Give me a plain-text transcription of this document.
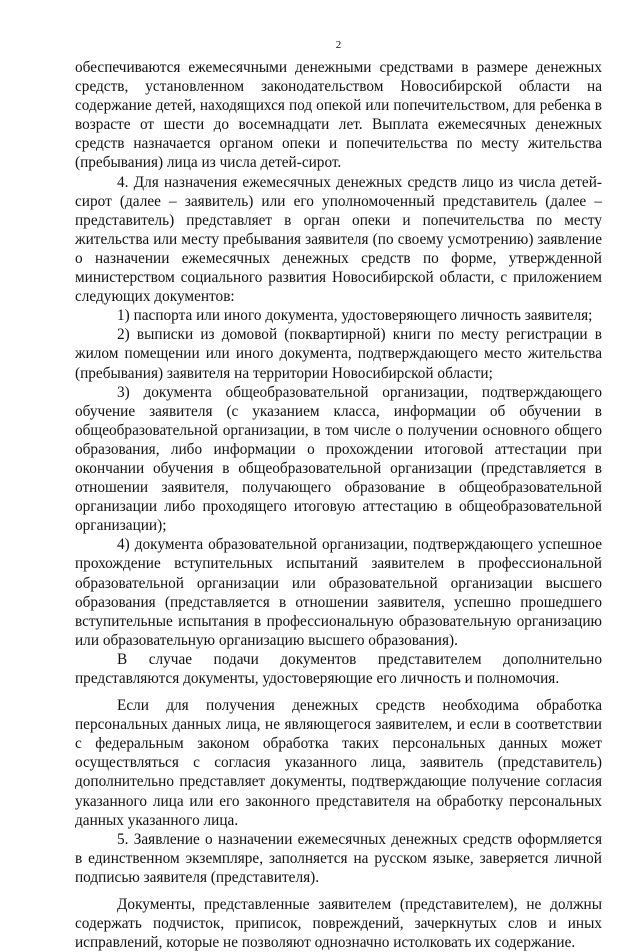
2

обеспечиваются ежемесячными денежными средствами в размере денежных средств, установленном законодательством Новосибирской области на содержание детей, находящихся под опекой или попечительством, для ребенка в возрасте от шести до восемнадцати лет. Выплата ежемесячных денежных средств назначается органом опеки и попечительства по месту жительства (пребывания) лица из числа детей-сирот.

4. Для назначения ежемесячных денежных средств лицо из числа детей-сирот (далее – заявитель) или его уполномоченный представитель (далее – представитель) представляет в орган опеки и попечительства по месту жительства или месту пребывания заявителя (по своему усмотрению) заявление о назначении ежемесячных денежных средств по форме, утвержденной министерством социального развития Новосибирской области, с приложением следующих документов:

1) паспорта или иного документа, удостоверяющего личность заявителя;

2) выписки из домовой (поквартирной) книги по месту регистрации в жилом помещении или иного документа, подтверждающего место жительства (пребывания) заявителя на территории Новосибирской области;

3) документа общеобразовательной организации, подтверждающего обучение заявителя (с указанием класса, информации об обучении в общеобразовательной организации, в том числе о получении основного общего образования, либо информации о прохождении итоговой аттестации при окончании обучения в общеобразовательной организации (представляется в отношении заявителя, получающего образование в общеобразовательной организации либо проходящего итоговую аттестацию в общеобразовательной организации);

4) документа образовательной организации, подтверждающего успешное прохождение вступительных испытаний заявителем в профессиональной образовательной организации или образовательной организации высшего образования (представляется в отношении заявителя, успешно прошедшего вступительные испытания в профессиональную образовательную организацию или образовательную организацию высшего образования).

В случае подачи документов представителем дополнительно представляются документы, удостоверяющие его личность и полномочия.

Если для получения денежных средств необходима обработка персональных данных лица, не являющегося заявителем, и если в соответствии с федеральным законом обработка таких персональных данных может осуществляться с согласия указанного лица, заявитель (представитель) дополнительно представляет документы, подтверждающие получение согласия указанного лица или его законного представителя на обработку персональных данных указанного лица.

5. Заявление о назначении ежемесячных денежных средств оформляется в единственном экземпляре, заполняется на русском языке, заверяется личной подписью заявителя (представителя).

Документы, представленные заявителем (представителем), не должны содержать подчисток, приписок, повреждений, зачеркнутых слов и иных исправлений, которые не позволяют однозначно истолковать их содержание.
